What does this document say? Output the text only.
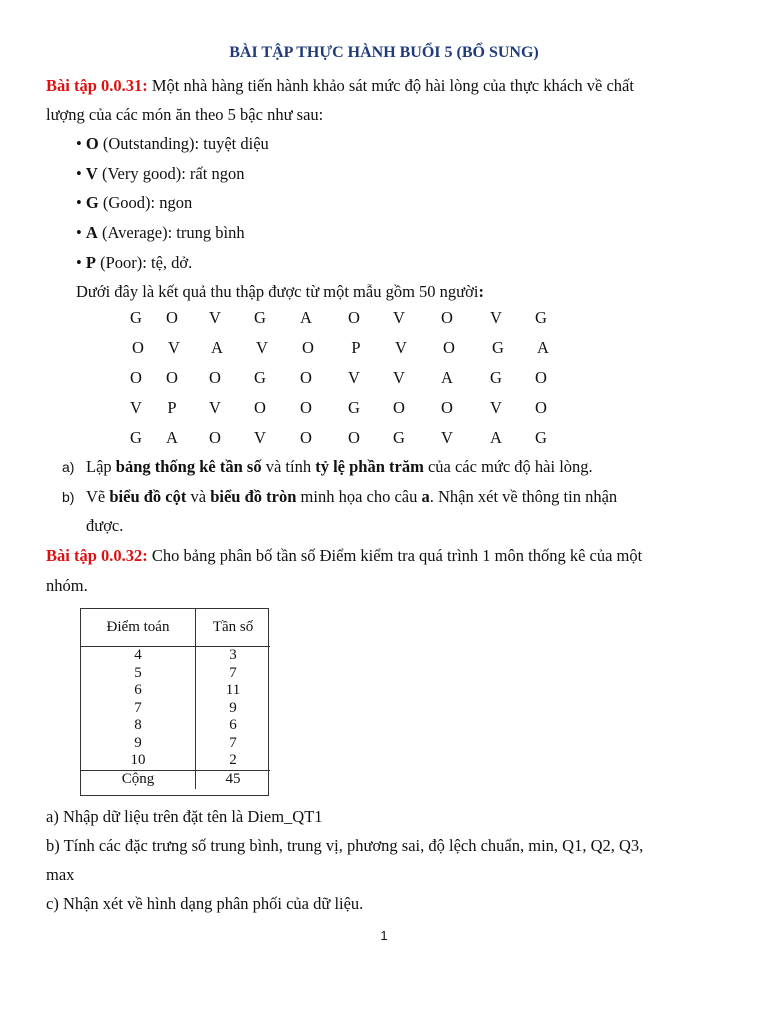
BÀI TẬP THỰC HÀNH BUỔI 5 (BỔ SUNG)
Bài tập 0.0.31: Một nhà hàng tiến hành khảo sát mức độ hài lòng của thực khách về chất
lượng của các món ăn theo 5 bậc như sau:
• O (Outstanding): tuyệt diệu
• V (Very good): rất ngon
• G (Good): ngon
• A (Average): trung bình
• P (Poor): tệ, dở.
Dưới đây là kết quả thu thập được từ một mẫu gồm 50 người:
G O V G A O V O V G
O V A V O	P	V O G A
O O O G O V V A G O
V	P	V O O G O O V O
G A O V O O G V A G
a) Lập bảng thống kê tần số và tính tỷ lệ phần trăm của các mức độ hài lòng.
b) Vẽ biểu đồ cột và biểu đồ tròn minh họa cho câu a. Nhận xét về thông tin nhận
được.
Bài tập 0.0.32: Cho bảng phân bố tần số Điểm kiểm tra quá trình 1 môn thống kê của một
nhóm.
Điểm toán	Tần số
4	3
5	7
6	11
7	9
8	6
9	7
10	2
Cộng	45
a) Nhập dữ liệu trên đặt tên là Diem_QT1
b) Tính các đặc trưng số trung bình, trung vị, phương sai, độ lệch chuẩn, min, Q1, Q2, Q3,
max
c) Nhận xét về hình dạng phân phối của dữ liệu.
1
